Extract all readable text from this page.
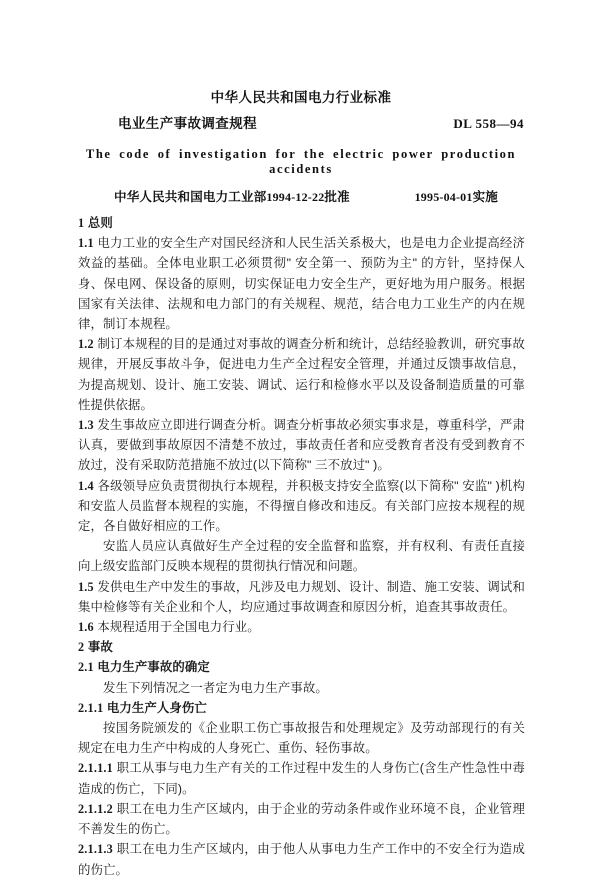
中华人民共和国电力行业标准
电业生产事故调查规程	DL 558—94
The code of investigation for the electric power production accidents
中华人民共和国电力工业部1994-12-22批准	1995-04-01实施

1 总则

1.1 电力工业的安全生产对国民经济和人民生活关系极大，也是电力企业提高经济效益的基础。全体电业职工必须贯彻" 安全第一、预防为主" 的方针，坚持保人身、保电网、保设备的原则，切实保证电力安全生产，更好地为用户服务。根据国家有关法律、法规和电力部门的有关规程、规范，结合电力工业生产的内在规律，制订本规程。

1.2 制订本规程的目的是通过对事故的调查分析和统计，总结经验教训，研究事故规律，开展反事故斗争，促进电力生产全过程安全管理，并通过反馈事故信息，为提高规划、设计、施工安装、调试、运行和检修水平以及设备制造质量的可靠性提供依据。

1.3 发生事故应立即进行调查分析。调查分析事故必须实事求是，尊重科学，严肃认真，要做到事故原因不清楚不放过，事故责任者和应受教育者没有受到教育不放过，没有采取防范措施不放过(以下简称" 三不放过" )。

1.4 各级领导应负责贯彻执行本规程，并积极支持安全监察(以下简称" 安监" )机构和安监人员监督本规程的实施，不得擅自修改和违反。有关部门应按本规程的规定，各自做好相应的工作。

安监人员应认真做好生产全过程的安全监督和监察，并有权利、有责任直接向上级安监部门反映本规程的贯彻执行情况和问题。

1.5 发供电生产中发生的事故，凡涉及电力规划、设计、制造、施工安装、调试和集中检修等有关企业和个人，均应通过事故调查和原因分析，追查其事故责任。

1.6 本规程适用于全国电力行业。

2 事故

2.1 电力生产事故的确定

发生下列情况之一者定为电力生产事故。

2.1.1 电力生产人身伤亡

按国务院颁发的《企业职工伤亡事故报告和处理规定》及劳动部现行的有关规定在电力生产中构成的人身死亡、重伤、轻伤事故。

2.1.1.1 职工从事与电力生产有关的工作过程中发生的人身伤亡(含生产性急性中毒造成的伤亡，下同)。

2.1.1.2 职工在电力生产区域内，由于企业的劳动条件或作业环境不良，企业管理不善发生的伤亡。

2.1.1.3 职工在电力生产区域内，由于他人从事电力生产工作中的不安全行为造成的伤亡。
